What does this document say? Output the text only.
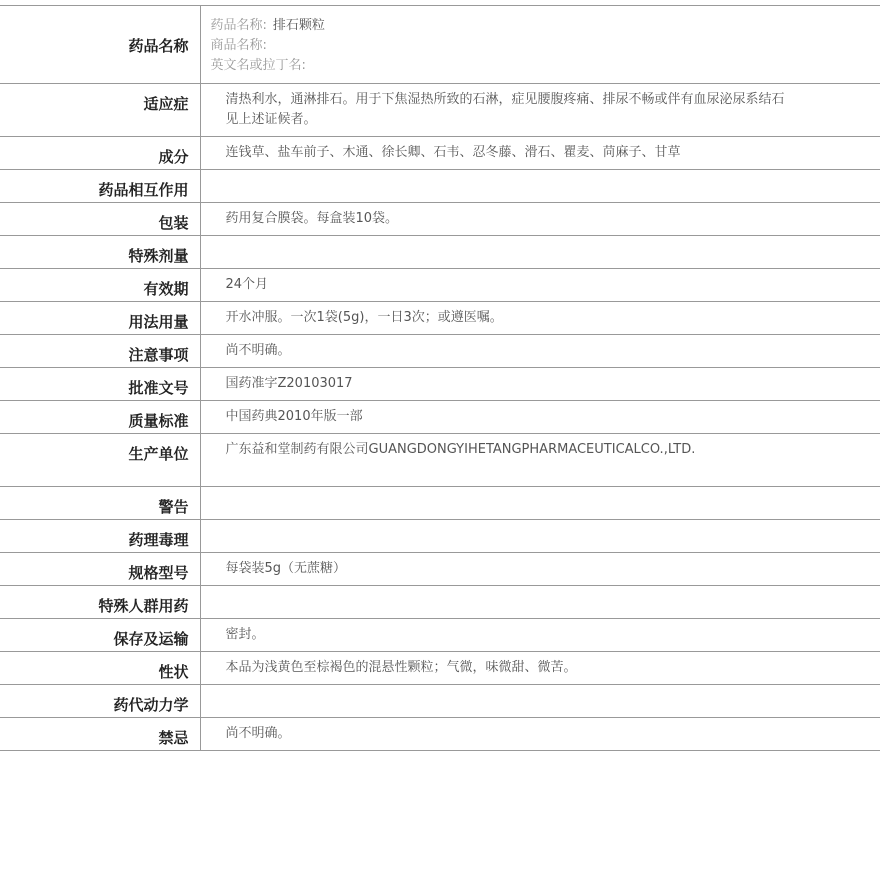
药品名称	药品名称: 排石颗粒
商品名称:
英文名或拉丁名:

适应症	清热利水，通淋排石。用于下焦湿热所致的石淋，症见腰腹疼痛、排尿不畅或伴有血尿泌尿系结石见上述证候者。

成分	连钱草、盐车前子、木通、徐长卿、石韦、忍冬藤、滑石、瞿麦、苘麻子、甘草
药品相互作用	
包装	药用复合膜袋。每盒装10袋。
特殊剂量	
有效期	24个月
用法用量	开水冲服。一次1袋(5g)，一日3次；或遵医嘱。
注意事项	尚不明确。
批准文号	国药准字Z20103017
质量标准	中国药典2010年版一部
生产单位	广东益和堂制药有限公司GUANGDONGYIHETANGPHARMACEUTICALCO.,LTD.

警告	
药理毒理	
规格型号	每袋装5g（无蔗糖）
特殊人群用药	
保存及运输	密封。
性状	本品为浅黄色至棕褐色的混悬性颗粒；气微，味微甜、微苦。
药代动力学	
禁忌	尚不明确。
